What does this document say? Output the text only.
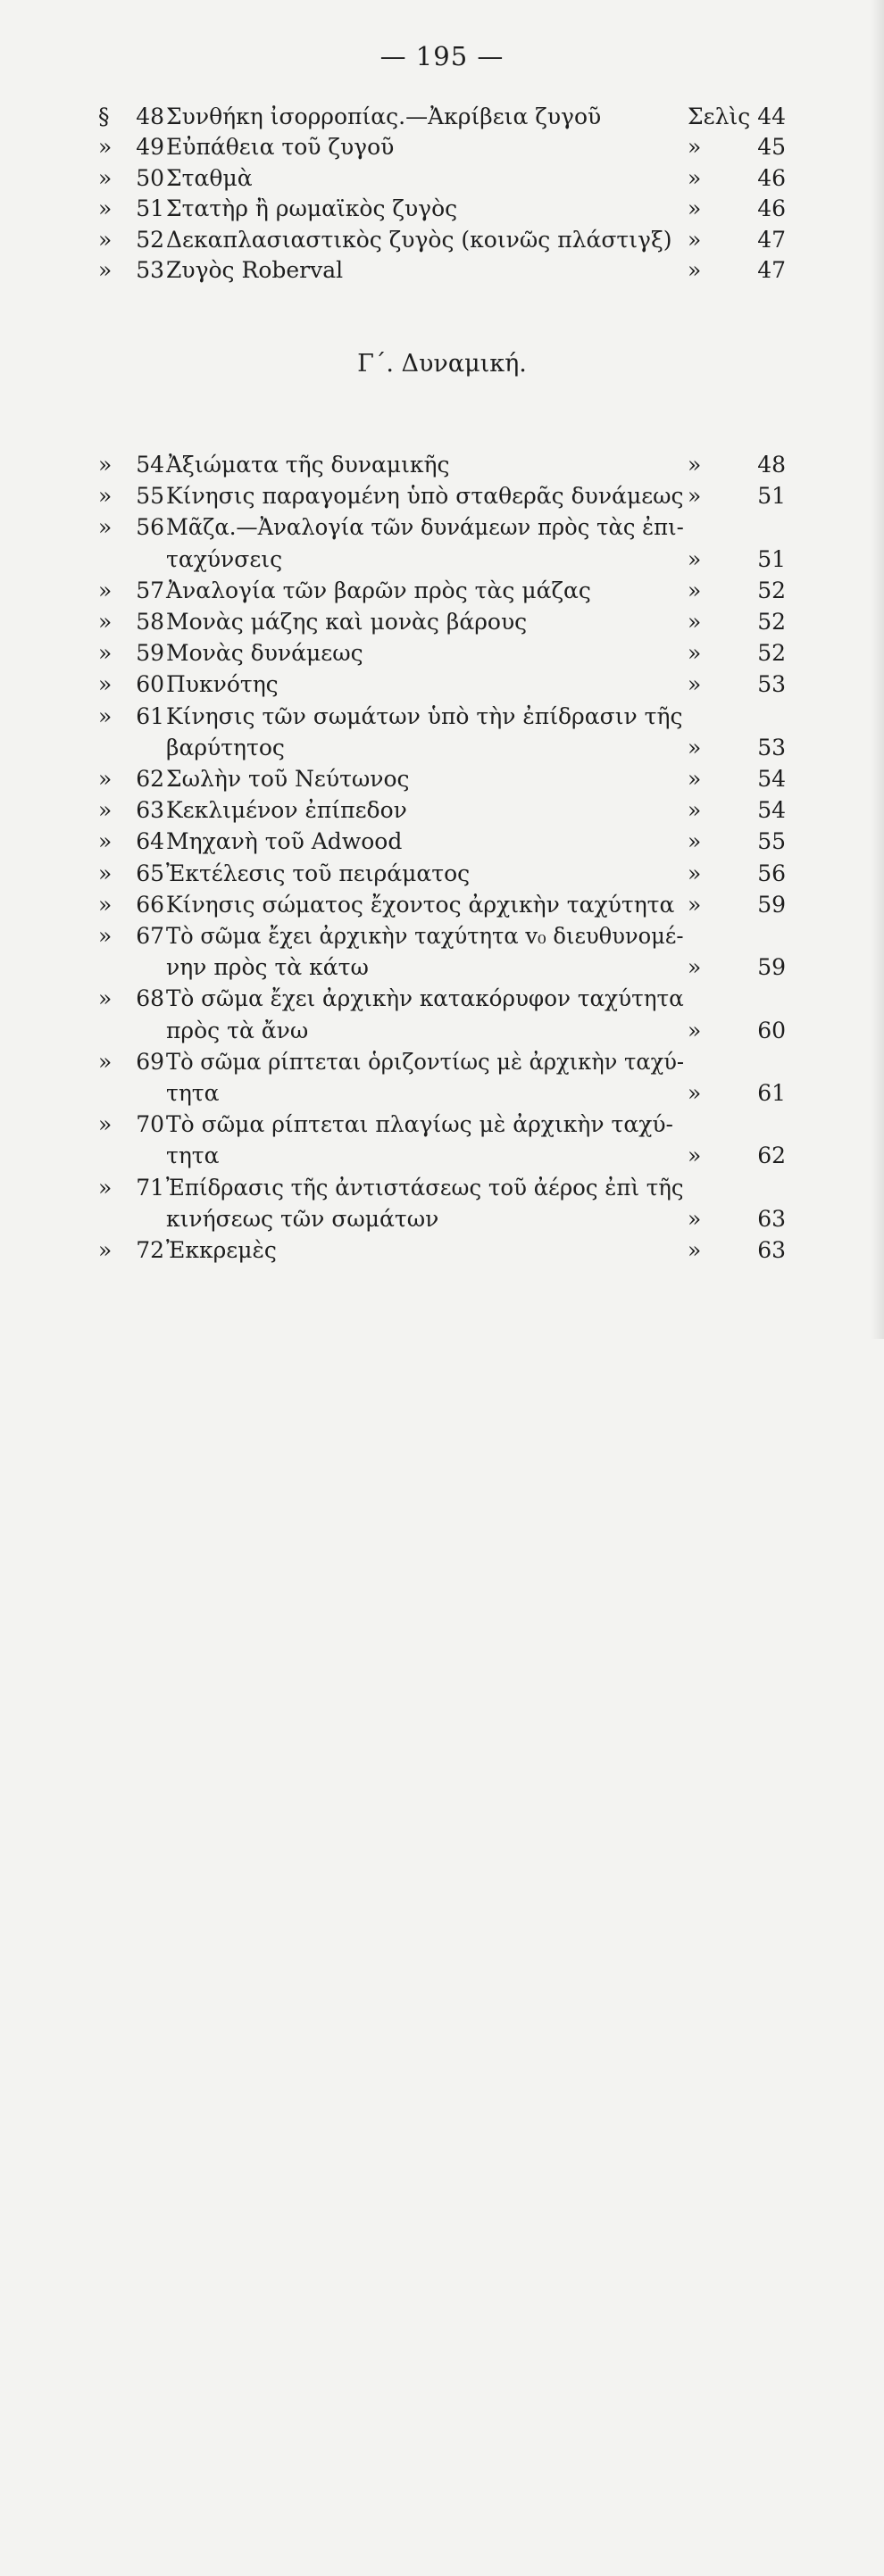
— 195 —
§	48 Συνθήκη ἰσορροπίας.—Ἀκρίβεια ζυγοῦ	Σελὶς 44
»	49 Εὐπάθεια τοῦ ζυγοῦ	»	45
»	50 Σταθμὰ	»	46
»	51 Στατὴρ ἢ ρωμαϊκὸς ζυγὸς	»	46
»	52 Δεκαπλασιαστικὸς ζυγὸς (κοινῶς πλάστιγξ) »	47
»	53 Ζυγὸς Roberval	»	47
Γ΄. Δυναμική.
»	54 Ἀξιώματα τῆς δυναμικῆς	»	48
»	55 Κίνησις παραγομένη ὑπὸ σταθερᾶς δυνάμεως »	51
»	56 Μᾶζα.—Ἀναλογία τῶν δυνάμεων πρὸς τὰς ἐπι-
ταχύνσεις	»	51
»	57 Ἀναλογία τῶν βαρῶν πρὸς τὰς μάζας	»	52
»	58 Μονὰς μάζης καὶ μονὰς βάρους	»	52
»	59 Μονὰς δυνάμεως	»	52
»	60 Πυκνότης	»	53
»	61 Κίνησις τῶν σωμάτων ὑπὸ τὴν ἐπίδρασιν τῆς
βαρύτητος	»	53
»	62 Σωλὴν τοῦ Νεύτωνος	»	54
»	63 Κεκλιμένον ἐπίπεδον	»	54
»	64 Μηχανὴ τοῦ Adwood	»	55
»	65 Ἐκτέλεσις τοῦ πειράματος	»	56
»	66 Κίνησις σώματος ἔχοντος ἀρχικὴν ταχύτητα »	59
»	67 Τὸ σῶμα ἔχει ἀρχικὴν ταχύτητα v₀ διευθυνομέ-
νην πρὸς τὰ κάτω	»	59
»	68 Τὸ σῶμα ἔχει ἀρχικὴν κατακόρυφον ταχύτητα
πρὸς τὰ ἄνω	»	60
»	69 Τὸ σῶμα ρίπτεται ὁριζοντίως μὲ ἀρχικὴν ταχύ-
τητα	»	61
»	70 Τὸ σῶμα ρίπτεται πλαγίως μὲ ἀρχικὴν ταχύ-
τητα	»	62
»	71 Ἐπίδρασις τῆς ἀντιστάσεως τοῦ ἀέρος ἐπὶ τῆς
κινήσεως τῶν σωμάτων	»	63
»	72 Ἐκκρεμὲς	»	63
